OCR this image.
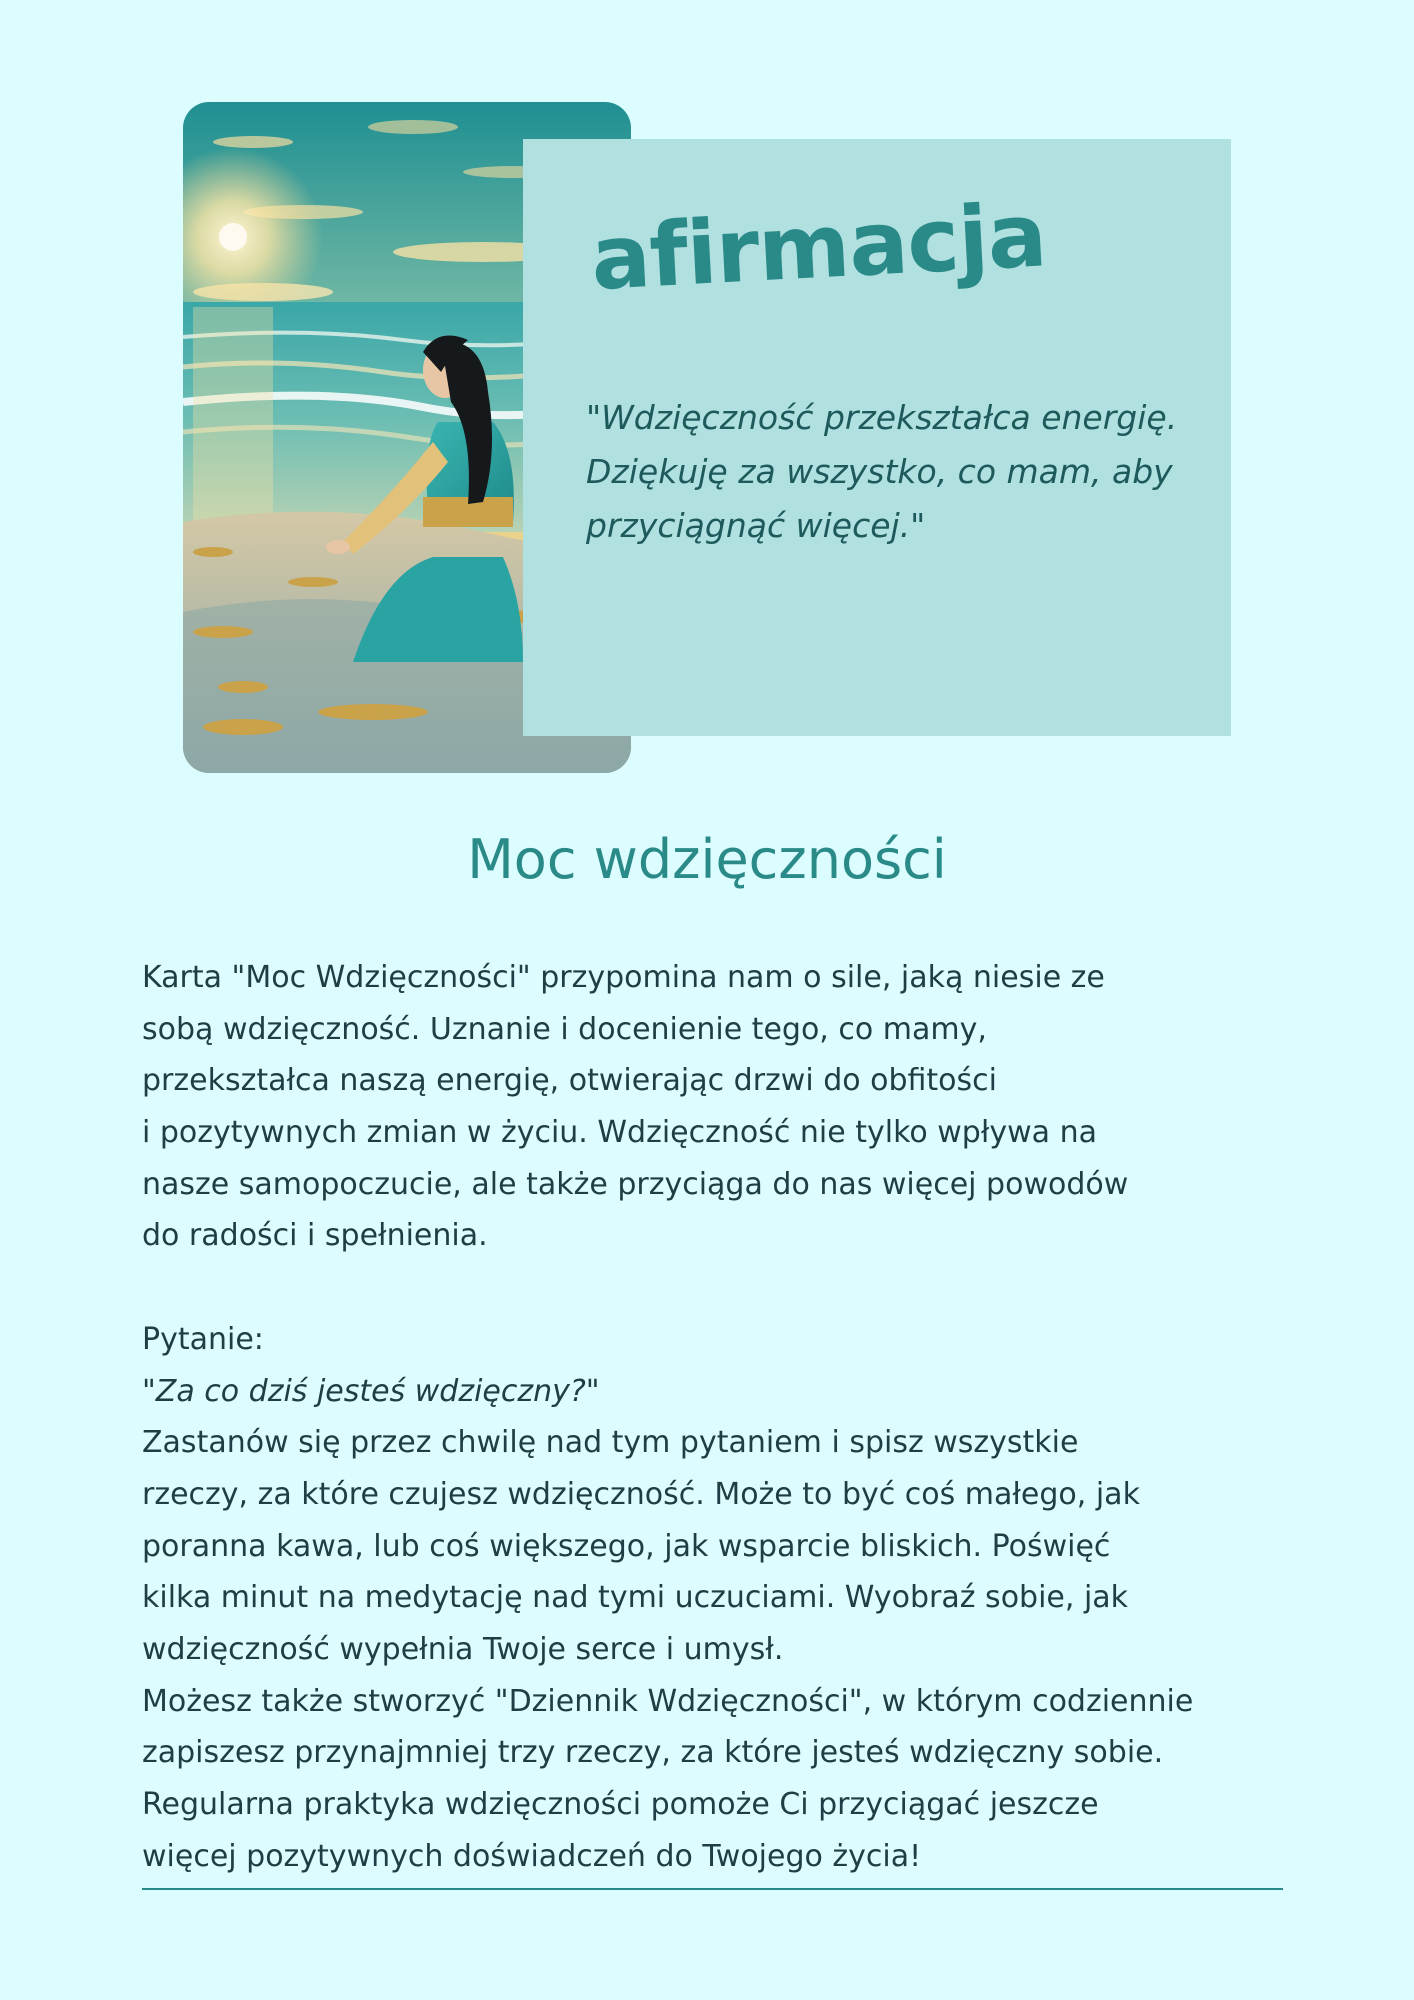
afirmacja

"Wdzięczność przekształca energię. Dziękuję za wszystko, co mam, aby przyciągnąć więcej."

Moc wdzięczności
Karta "Moc Wdzięczności" przypomina nam o sile, jaką niesie ze
sobą wdzięczność. Uznanie i docenienie tego, co mamy,
przekształca naszą energię, otwierając drzwi do obfitości
i pozytywnych zmian w życiu. Wdzięczność nie tylko wpływa na
nasze samopoczucie, ale także przyciąga do nas więcej powodów
do radości i spełnienia.
Pytanie:
"Za co dziś jesteś wdzięczny?"
Zastanów się przez chwilę nad tym pytaniem i spisz wszystkie
rzeczy, za które czujesz wdzięczność. Może to być coś małego, jak
poranna kawa, lub coś większego, jak wsparcie bliskich. Poświęć
kilka minut na medytację nad tymi uczuciami. Wyobraź sobie, jak
wdzięczność wypełnia Twoje serce i umysł.
Możesz także stworzyć "Dziennik Wdzięczności", w którym codziennie
zapiszesz przynajmniej trzy rzeczy, za które jesteś wdzięczny sobie.
Regularna praktyka wdzięczności pomoże Ci przyciągać jeszcze
więcej pozytywnych doświadczeń do Twojego życia!
